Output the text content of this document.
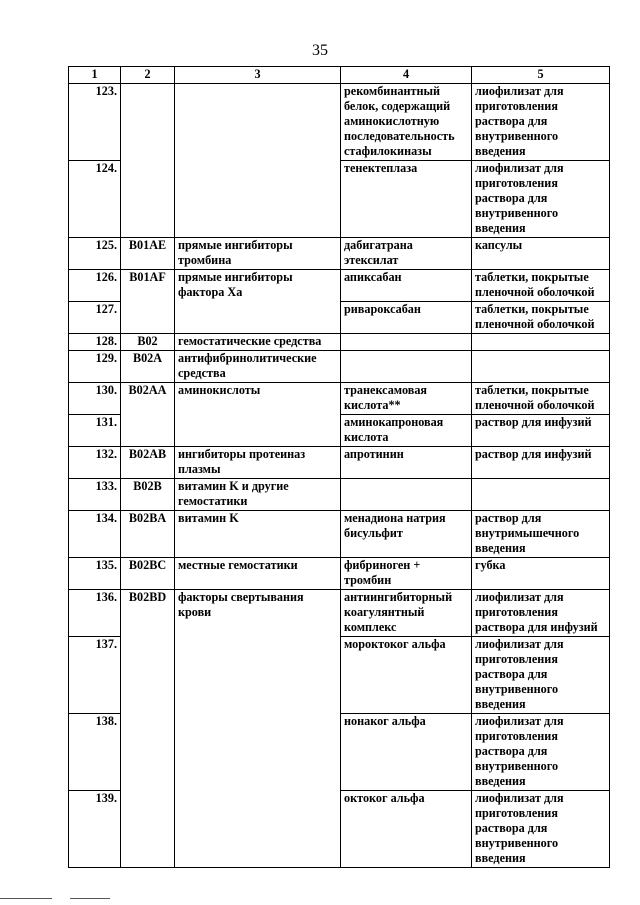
35
1	2	3	4	5
123.			рекомбинантный белок, содержащий аминокислотную последовательность стафилокиназы	лиофилизат для приготовления раствора для внутривенного введения
124.			тенектеплаза	лиофилизат для приготовления раствора для внутривенного введения
125.	B01AE	прямые ингибиторы тромбина	дабигатрана этексилат	капсулы
126.	B01AF	прямые ингибиторы фактора Xa	апиксабан	таблетки, покрытые пленочной оболочкой
127.			ривароксабан	таблетки, покрытые пленочной оболочкой
128.	B02	гемостатические средства		
129.	B02A	антифибринолитические средства		
130.	B02AA	аминокислоты	транексамовая кислота**	таблетки, покрытые пленочной оболочкой
131.			аминокапроновая кислота	раствор для инфузий
132.	B02AB	ингибиторы протеиназ плазмы	апротинин	раствор для инфузий
133.	B02B	витамин K и другие гемостатики		
134.	B02BA	витамин K	менадиона натрия бисульфит	раствор для внутримышечного введения
135.	B02BC	местные гемостатики	фибриноген + тромбин	губка
136.	B02BD	факторы свертывания крови	антиингибиторный коагулянтный комплекс	лиофилизат для приготовления раствора для инфузий
137.			мороктоког альфа	лиофилизат для приготовления раствора для внутривенного введения
138.			нонаког альфа	лиофилизат для приготовления раствора для внутривенного введения
139.			октоког альфа	лиофилизат для приготовления раствора для внутривенного введения
